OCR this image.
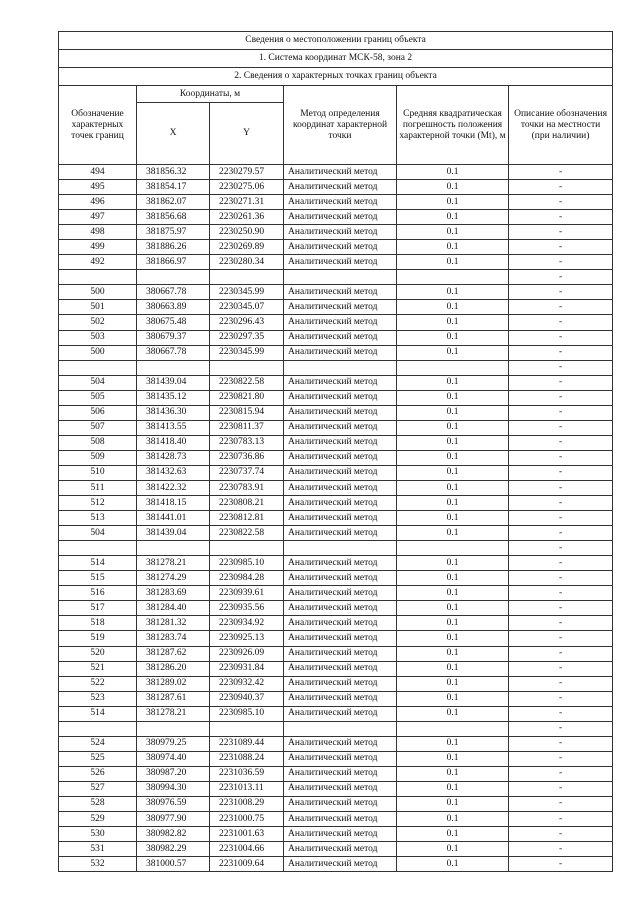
Сведения о местоположении границ объекта					
1. Система координат МСК-58, зона 2					
2. Сведения о характерных точках границ объекта					
Обозначение характерных точек границ	Координаты, м		Метод определения координат характерной точки	Средняя квадратическая погрешность положения характерной точки (Mt), м	Описание обозначения точки на местности (при наличии)
	X	Y			
494	381856.32	2230279.57	Аналитический метод	0.1	-
495	381854.17	2230275.06	Аналитический метод	0.1	-
496	381862.07	2230271.31	Аналитический метод	0.1	-
497	381856.68	2230261.36	Аналитический метод	0.1	-
498	381875.97	2230250.90	Аналитический метод	0.1	-
499	381886.26	2230269.89	Аналитический метод	0.1	-
492	381866.97	2230280.34	Аналитический метод	0.1	-
					-
500	380667.78	2230345.99	Аналитический метод	0.1	-
501	380663.89	2230345.07	Аналитический метод	0.1	-
502	380675.48	2230296.43	Аналитический метод	0.1	-
503	380679.37	2230297.35	Аналитический метод	0.1	-
500	380667.78	2230345.99	Аналитический метод	0.1	-
					-
504	381439.04	2230822.58	Аналитический метод	0.1	-
505	381435.12	2230821.80	Аналитический метод	0.1	-
506	381436.30	2230815.94	Аналитический метод	0.1	-
507	381413.55	2230811.37	Аналитический метод	0.1	-
508	381418.40	2230783.13	Аналитический метод	0.1	-
509	381428.73	2230736.86	Аналитический метод	0.1	-
510	381432.63	2230737.74	Аналитический метод	0.1	-
511	381422.32	2230783.91	Аналитический метод	0.1	-
512	381418.15	2230808.21	Аналитический метод	0.1	-
513	381441.01	2230812.81	Аналитический метод	0.1	-
504	381439.04	2230822.58	Аналитический метод	0.1	-
					-
514	381278.21	2230985.10	Аналитический метод	0.1	-
515	381274.29	2230984.28	Аналитический метод	0.1	-
516	381283.69	2230939.61	Аналитический метод	0.1	-
517	381284.40	2230935.56	Аналитический метод	0.1	-
518	381281.32	2230934.92	Аналитический метод	0.1	-
519	381283.74	2230925.13	Аналитический метод	0.1	-
520	381287.62	2230926.09	Аналитический метод	0.1	-
521	381286.20	2230931.84	Аналитический метод	0.1	-
522	381289.02	2230932.42	Аналитический метод	0.1	-
523	381287.61	2230940.37	Аналитический метод	0.1	-
514	381278.21	2230985.10	Аналитический метод	0.1	-
					-
524	380979.25	2231089.44	Аналитический метод	0.1	-
525	380974.40	2231088.24	Аналитический метод	0.1	-
526	380987.20	2231036.59	Аналитический метод	0.1	-
527	380994.30	2231013.11	Аналитический метод	0.1	-
528	380976.59	2231008.29	Аналитический метод	0.1	-
529	380977.90	2231000.75	Аналитический метод	0.1	-
530	380982.82	2231001.63	Аналитический метод	0.1	-
531	380982.29	2231004.66	Аналитический метод	0.1	-
532	381000.57	2231009.64	Аналитический метод	0.1	-
